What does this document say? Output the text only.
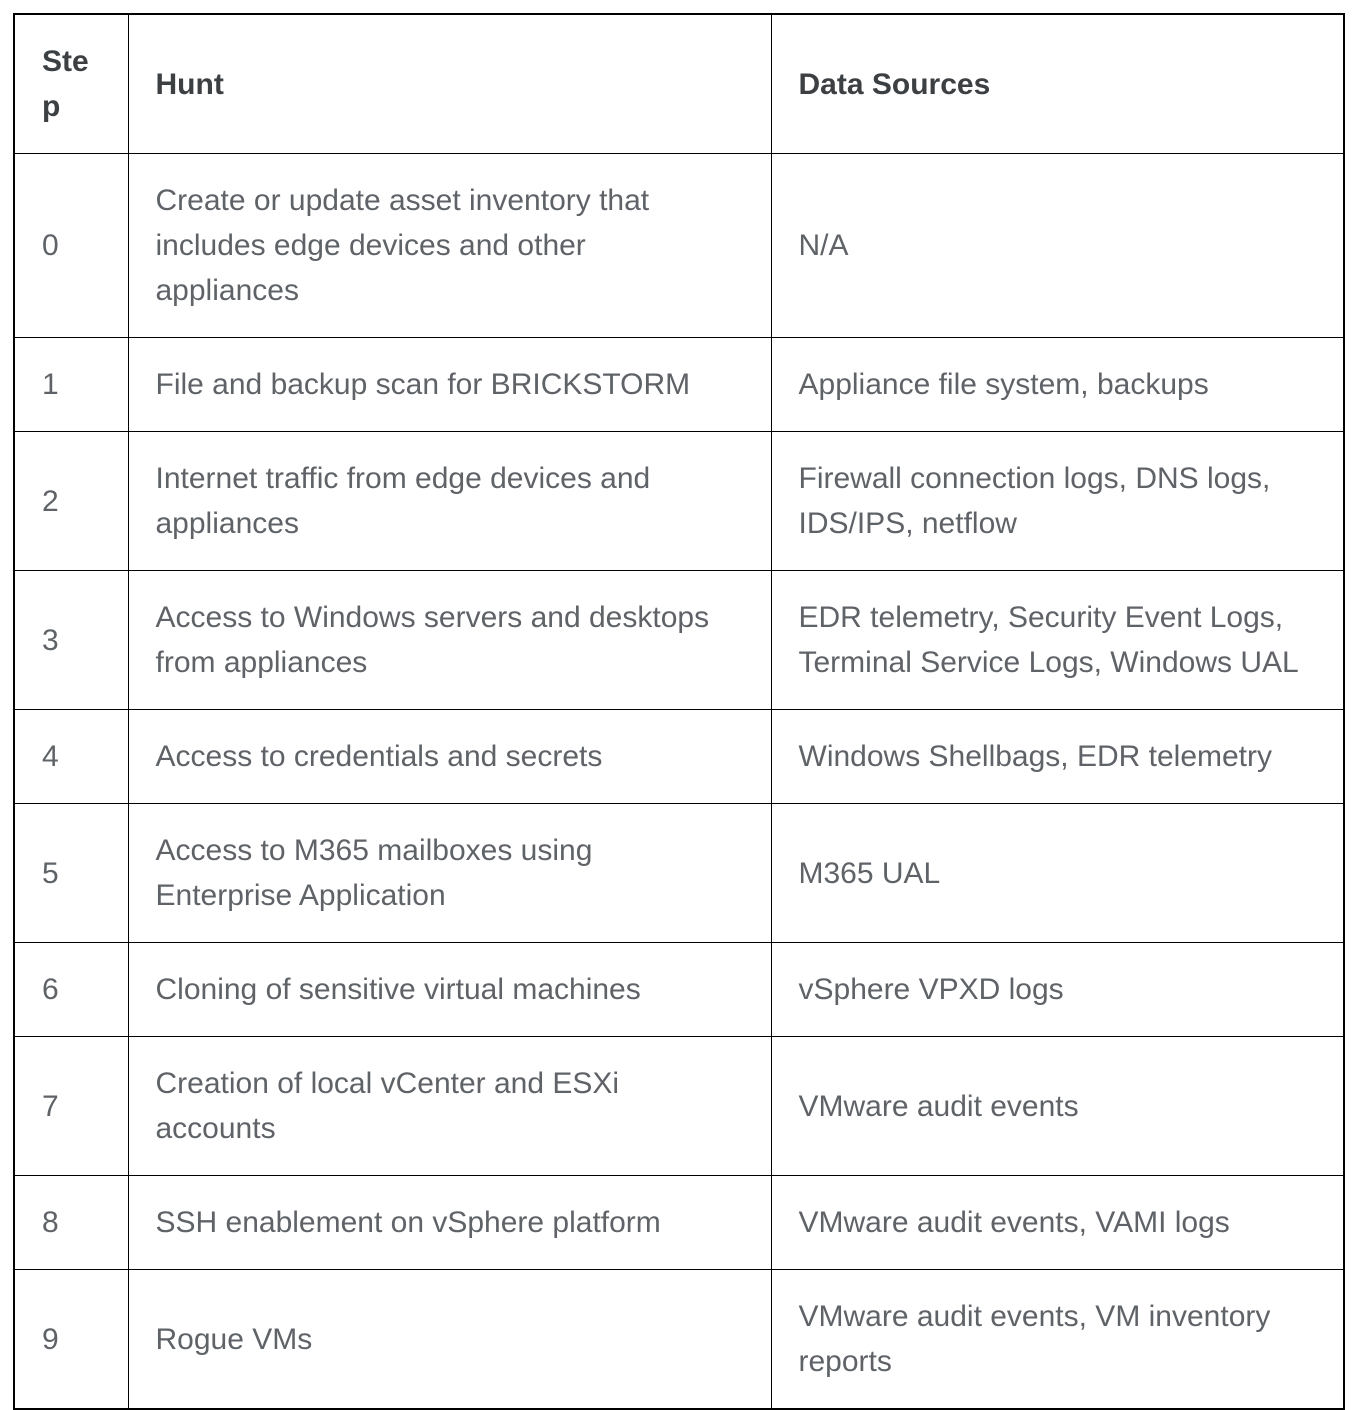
Step	Hunt	Data Sources
0	Create or update asset inventory that includes edge devices and other appliances	N/A
1	File and backup scan for BRICKSTORM	Appliance file system, backups
2	Internet traffic from edge devices and appliances	Firewall connection logs, DNS logs, IDS/IPS, netflow
3	Access to Windows servers and desktops from appliances	EDR telemetry, Security Event Logs, Terminal Service Logs, Windows UAL
4	Access to credentials and secrets	Windows Shellbags, EDR telemetry
5	Access to M365 mailboxes using Enterprise Application	M365 UAL
6	Cloning of sensitive virtual machines	vSphere VPXD logs
7	Creation of local vCenter and ESXi accounts	VMware audit events
8	SSH enablement on vSphere platform	VMware audit events, VAMI logs
9	Rogue VMs	VMware audit events, VM inventory reports
